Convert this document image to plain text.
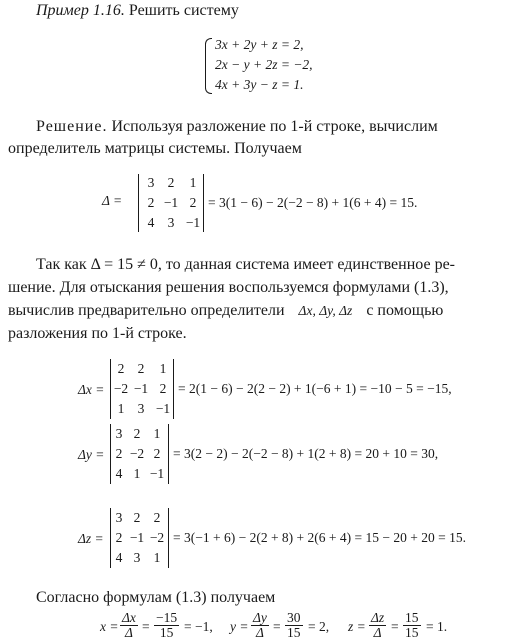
Пример 1.16. Решить систему
3x + 2y + z = 2,
2x − y + 2z = −2,
4x + 3y − z = 1.
Решение. Используя разложение по 1-й строке, вычислим
определитель матрицы системы. Получаем
Δ =
3 2	1
2 −1 2
4 3 −1
= 3(1 − 6) − 2(−2 − 8) + 1(6 + 4) = 15.
Так как Δ = 15 ≠ 0, то данная система имеет единственное ре-
шение. Для отыскания решения воспользуемся формулами (1.3),
вычислив предварительно определители Δx, Δy, Δz с помощью
разложения по 1-й строке.
Δx =
2 2	1
−2 −1 2
1 3 −1
= 2(1 − 6) − 2(2 − 2) + 1(−6 + 1) = −10 − 5 = −15,
Δy =
3 2 1
2 −2 2
4 1 −1
= 3(2 − 2) − 2(−2 − 8) + 1(2 + 8) = 20 + 10 = 30,
Δz =
3 2 2
2 −1 −2
4 3 1
= 3(−1 + 6) − 2(2 + 8) + 2(6 + 4) = 15 − 20 + 20 = 15.
Согласно формулам (1.3) получаем
$x = \frac{\Delta x}{\Delta} = \frac{-15}{15} = -1$, $y = \frac{\Delta y}{\Delta} = \frac{30}{15} = 2$, $z = \frac{\Delta z}{\Delta} = \frac{15}{15} = 1$.
